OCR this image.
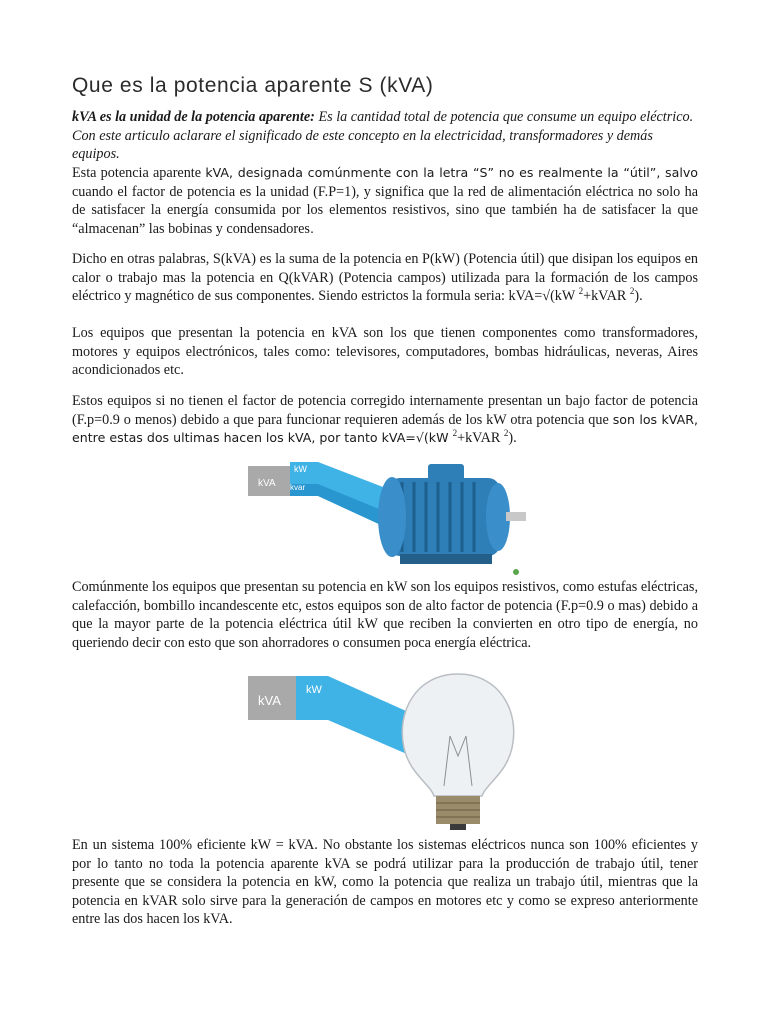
Que es la potencia aparente S (kVA)

kVA es la unidad de la potencia aparente: Es la cantidad total de potencia que consume un equipo eléctrico. Con este articulo aclarare el significado de este concepto en la electricidad, transformadores y demás equipos.

Esta potencia aparente kVA, designada comúnmente con la letra “S” no es realmente la “útil”, salvo cuando el factor de potencia es la unidad (F.P=1), y significa que la red de alimentación eléctrica no solo ha de satisfacer la energía consumida por los elementos resistivos, sino que también ha de satisfacer la que “almacenan” las bobinas y condensadores.

Dicho en otras palabras, S(kVA) es la suma de la potencia en P(kW) (Potencia útil) que disipan los equipos en calor o trabajo mas la potencia en Q(kVAR) (Potencia campos) utilizada para la formación de los campos eléctrico y magnético de sus componentes. Siendo estrictos la formula seria: kVA=√(kW $^2$+kVAR $^2$).

Los equipos que presentan la potencia en kVA son los que tienen componentes como transformadores, motores y equipos electrónicos, tales como: televisores, computadores, bombas hidráulicas, neveras, Aires acondicionados etc.

Estos equipos si no tienen el factor de potencia corregido internamente presentan un bajo factor de potencia (F.p=0.9 o menos) debido a que para funcionar requieren además de los kW otra potencia que son los kVAR, entre estas dos ultimas hacen los kVA, por tanto kVA=√(kW $^2$+kVAR $^2$).

kVA
kW
kvar

Comúnmente los equipos que presentan su potencia en kW son los equipos resistivos, como estufas eléctricas, calefacción, bombillo incandescente etc, estos equipos son de alto factor de potencia (F.p=0.9 o mas) debido a que la mayor parte de la potencia eléctrica útil kW que reciben la convierten en otro tipo de energía, no queriendo decir con esto que son ahorradores o consumen poca energía eléctrica.

kVA
kW

En un sistema 100% eficiente kW = kVA. No obstante los sistemas eléctricos nunca son 100% eficientes y por lo tanto no toda la potencia aparente kVA se podrá utilizar para la producción de trabajo útil, tener presente que se considera la potencia en kW, como la potencia que realiza un trabajo útil, mientras que la potencia en kVAR solo sirve para la generación de campos en motores etc y como se expreso anteriormente entre las dos hacen los kVA.
